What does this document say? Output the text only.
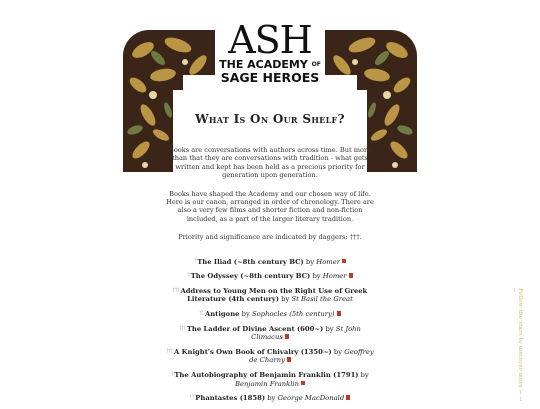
ASH
THE ACADEMY $^{OF}$
SAGE HEROES
What Is On Our Shelf?

Books are conversations with authors across time. But more than that they are conversations with tradition - what gets written and kept has been held as a precious priority for generation upon generation.

Books have shaped the Academy and our chosen way of life. Here is our canon, arranged in order of chronology. There are also a very few films and shorter fiction and non-fiction included, as a part of the larger literary tradition.

Priority and significance are indicated by daggers: †††.

†The Iliad (~8th century BC) by Homer
†The Odyssey (~8th century BC) by Homer
†††Address to Young Men on the Right Use of Greek Literature (4th century) by St Basil the Great
††Antigone by Sophocles (5th century)
†††The Ladder of Divine Ascent (600~) by St John Climacus
†††A Knight's Own Book of Chivalry (1350~) by Geoffrey de Charny
†The Autobiography of Benjamin Franklin (1791) by Benjamin Franklin
††Phantastes (1858) by George MacDonald	Follow the stars to discover more → → →
